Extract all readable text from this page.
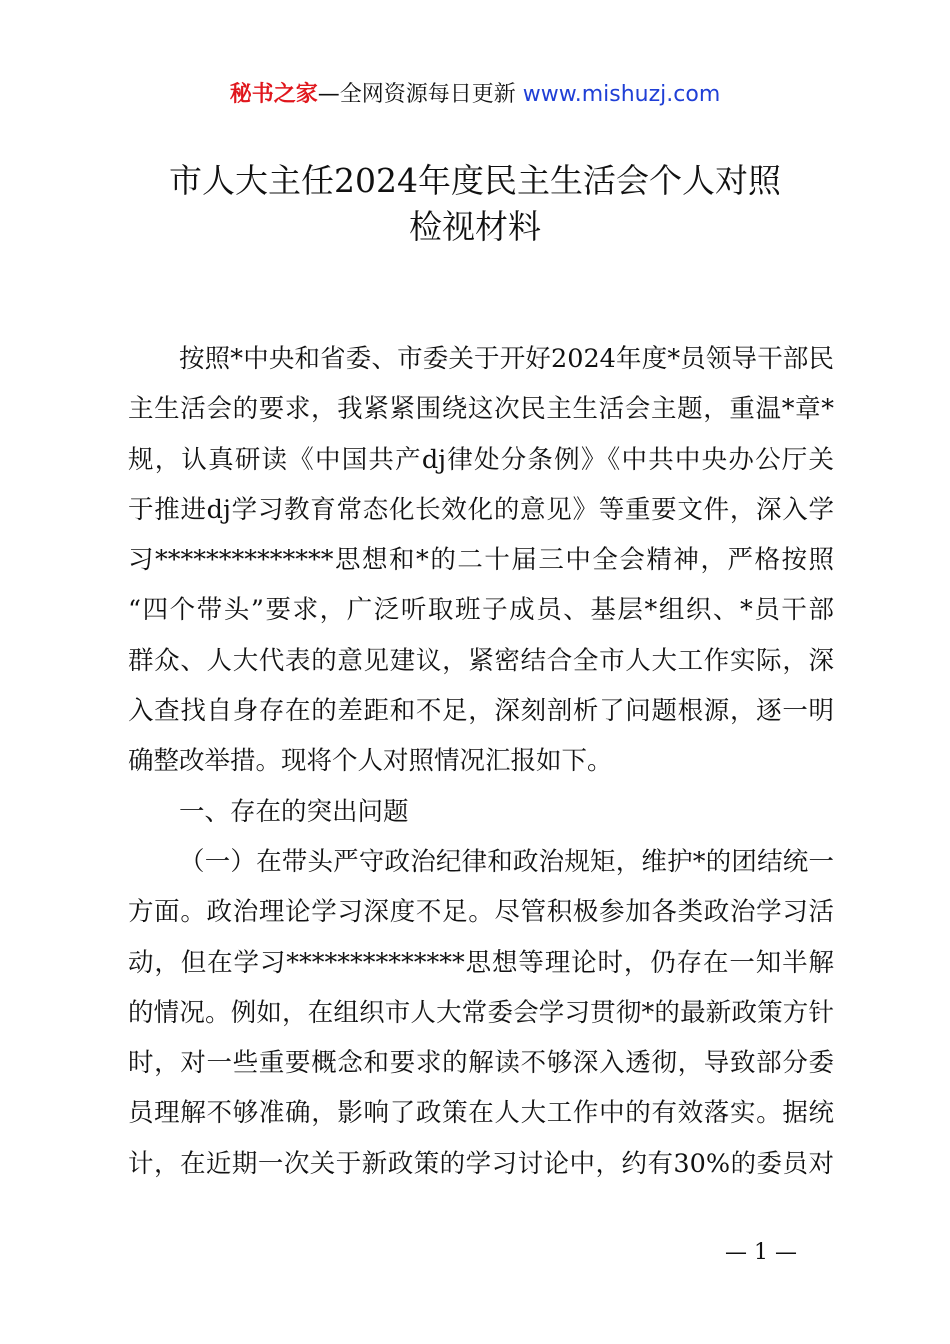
秘书之家—全网资源每日更新 www.mishuzj.com
市人大主任2024年度民主生活会个人对照
检视材料
按照*中央和省委、市委关于开好2024年度*员领导干部民
主生活会的要求，我紧紧围绕这次民主生活会主题，重温*章*
规，认真研读《中国共产dj律处分条例》《中共中央办公厅关
于推进dj学习教育常态化长效化的意见》等重要文件，深入学
习**************思想和*的二十届三中全会精神，严格按照
“四个带头”要求，广泛听取班子成员、基层*组织、*员干部
群众、人大代表的意见建议，紧密结合全市人大工作实际，深
入查找自身存在的差距和不足，深刻剖析了问题根源，逐一明
确整改举措。现将个人对照情况汇报如下。
一、存在的突出问题
（一）在带头严守政治纪律和政治规矩，维护*的团结统一
方面。政治理论学习深度不足。尽管积极参加各类政治学习活
动，但在学习**************思想等理论时，仍存在一知半解
的情况。例如，在组织市人大常委会学习贯彻*的最新政策方针
时，对一些重要概念和要求的解读不够深入透彻，导致部分委
员理解不够准确，影响了政策在人大工作中的有效落实。据统
计，在近期一次关于新政策的学习讨论中，约有30%的委员对
— 1 —
